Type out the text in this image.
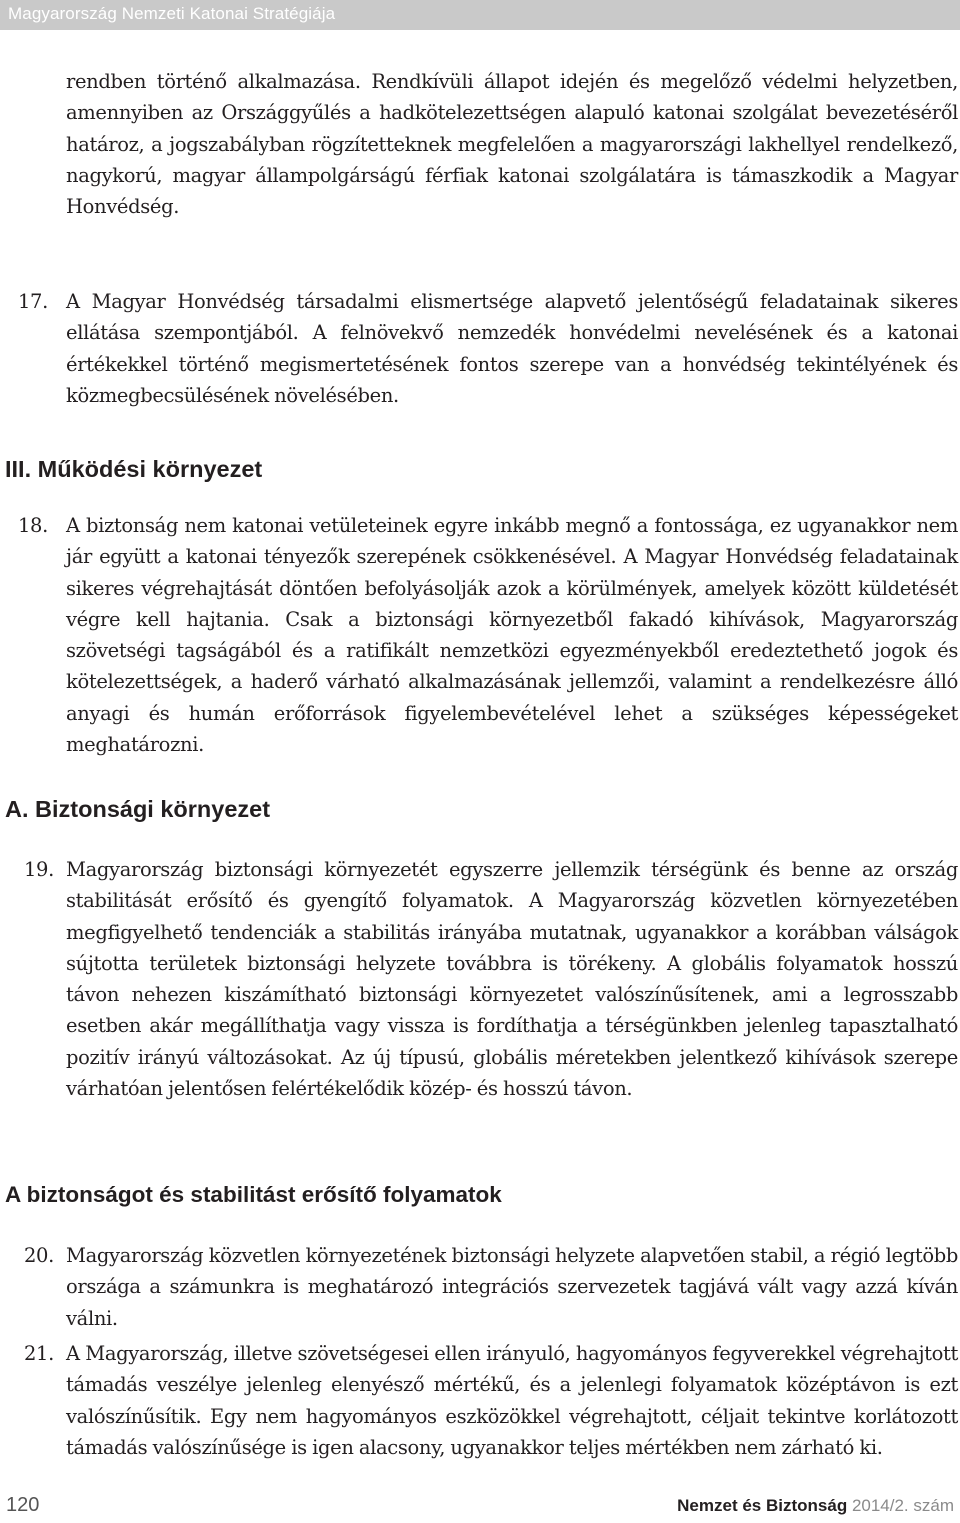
Magyarország Nemzeti Katonai Stratégiája

rendben történő alkalmazása. Rendkívüli állapot idején és megelőző védelmi helyzetben, amennyiben az Országgyűlés a hadkötelezettségen alapuló katonai szolgálat bevezetéséről határoz, a jogszabályban rögzítetteknek megfelelően a magyarországi lakhellyel rendelkező, nagykorú, magyar állampolgárságú férfiak katonai szolgálatára is támaszkodik a Magyar Honvédség.

17. A Magyar Honvédség társadalmi elismertsége alapvető jelentőségű feladatainak sikeres ellátása szempontjából. A felnövekvő nemzedék honvédelmi nevelésének és a katonai értékekkel történő megismertetésének fontos szerepe van a honvédség tekintélyének és közmegbecsülésének növelésében.
III. Működési környezet
18. A biztonság nem katonai vetületeinek egyre inkább megnő a fontossága, ez ugyanakkor nem jár együtt a katonai tényezők szerepének csökkenésével. A Magyar Honvédség feladatainak sikeres végrehajtását döntően befolyásolják azok a körülmények, amelyek között küldetését végre kell hajtania. Csak a biztonsági környezetből fakadó kihívások, Magyarország szövetségi tagságából és a ratifikált nemzetközi egyezményekből eredeztethető jogok és kötelezettségek, a haderő várható alkalmazásának jellemzői, valamint a rendelkezésre álló anyagi és humán erőforrások figyelembevételével lehet a szükséges képességeket meghatározni.
A. Biztonsági környezet
19. Magyarország biztonsági környezetét egyszerre jellemzik térségünk és benne az ország stabilitását erősítő és gyengítő folyamatok. A Magyarország közvetlen környezetében megfigyelhető tendenciák a stabilitás irányába mutatnak, ugyanakkor a korábban válságok sújtotta területek biztonsági helyzete továbbra is törékeny. A globális folyamatok hosszú távon nehezen kiszámítható biztonsági környezetet valószínűsítenek, ami a legrosszabb esetben akár megállíthatja vagy vissza is fordíthatja a térségünkben jelenleg tapasztalható pozitív irányú változásokat. Az új típusú, globális méretekben jelentkező kihívások szerepe várhatóan jelentősen felértékelődik közép- és hosszú távon.
A biztonságot és stabilitást erősítő folyamatok
20. Magyarország közvetlen környezetének biztonsági helyzete alapvetően stabil, a régió legtöbb országa a számunkra is meghatározó integrációs szervezetek tagjává vált vagy azzá kíván válni.
21. A Magyarország, illetve szövetségesei ellen irányuló, hagyományos fegyverekkel végrehajtott támadás veszélye jelenleg elenyésző mértékű, és a jelenlegi folyamatok középtávon is ezt valószínűsítik. Egy nem hagyományos eszközökkel végrehajtott, céljait tekintve korlátozott támadás valószínűsége is igen alacsony, ugyanakkor teljes mértékben nem zárható ki.
120	Nemzet és Biztonság 2014/2. szám
